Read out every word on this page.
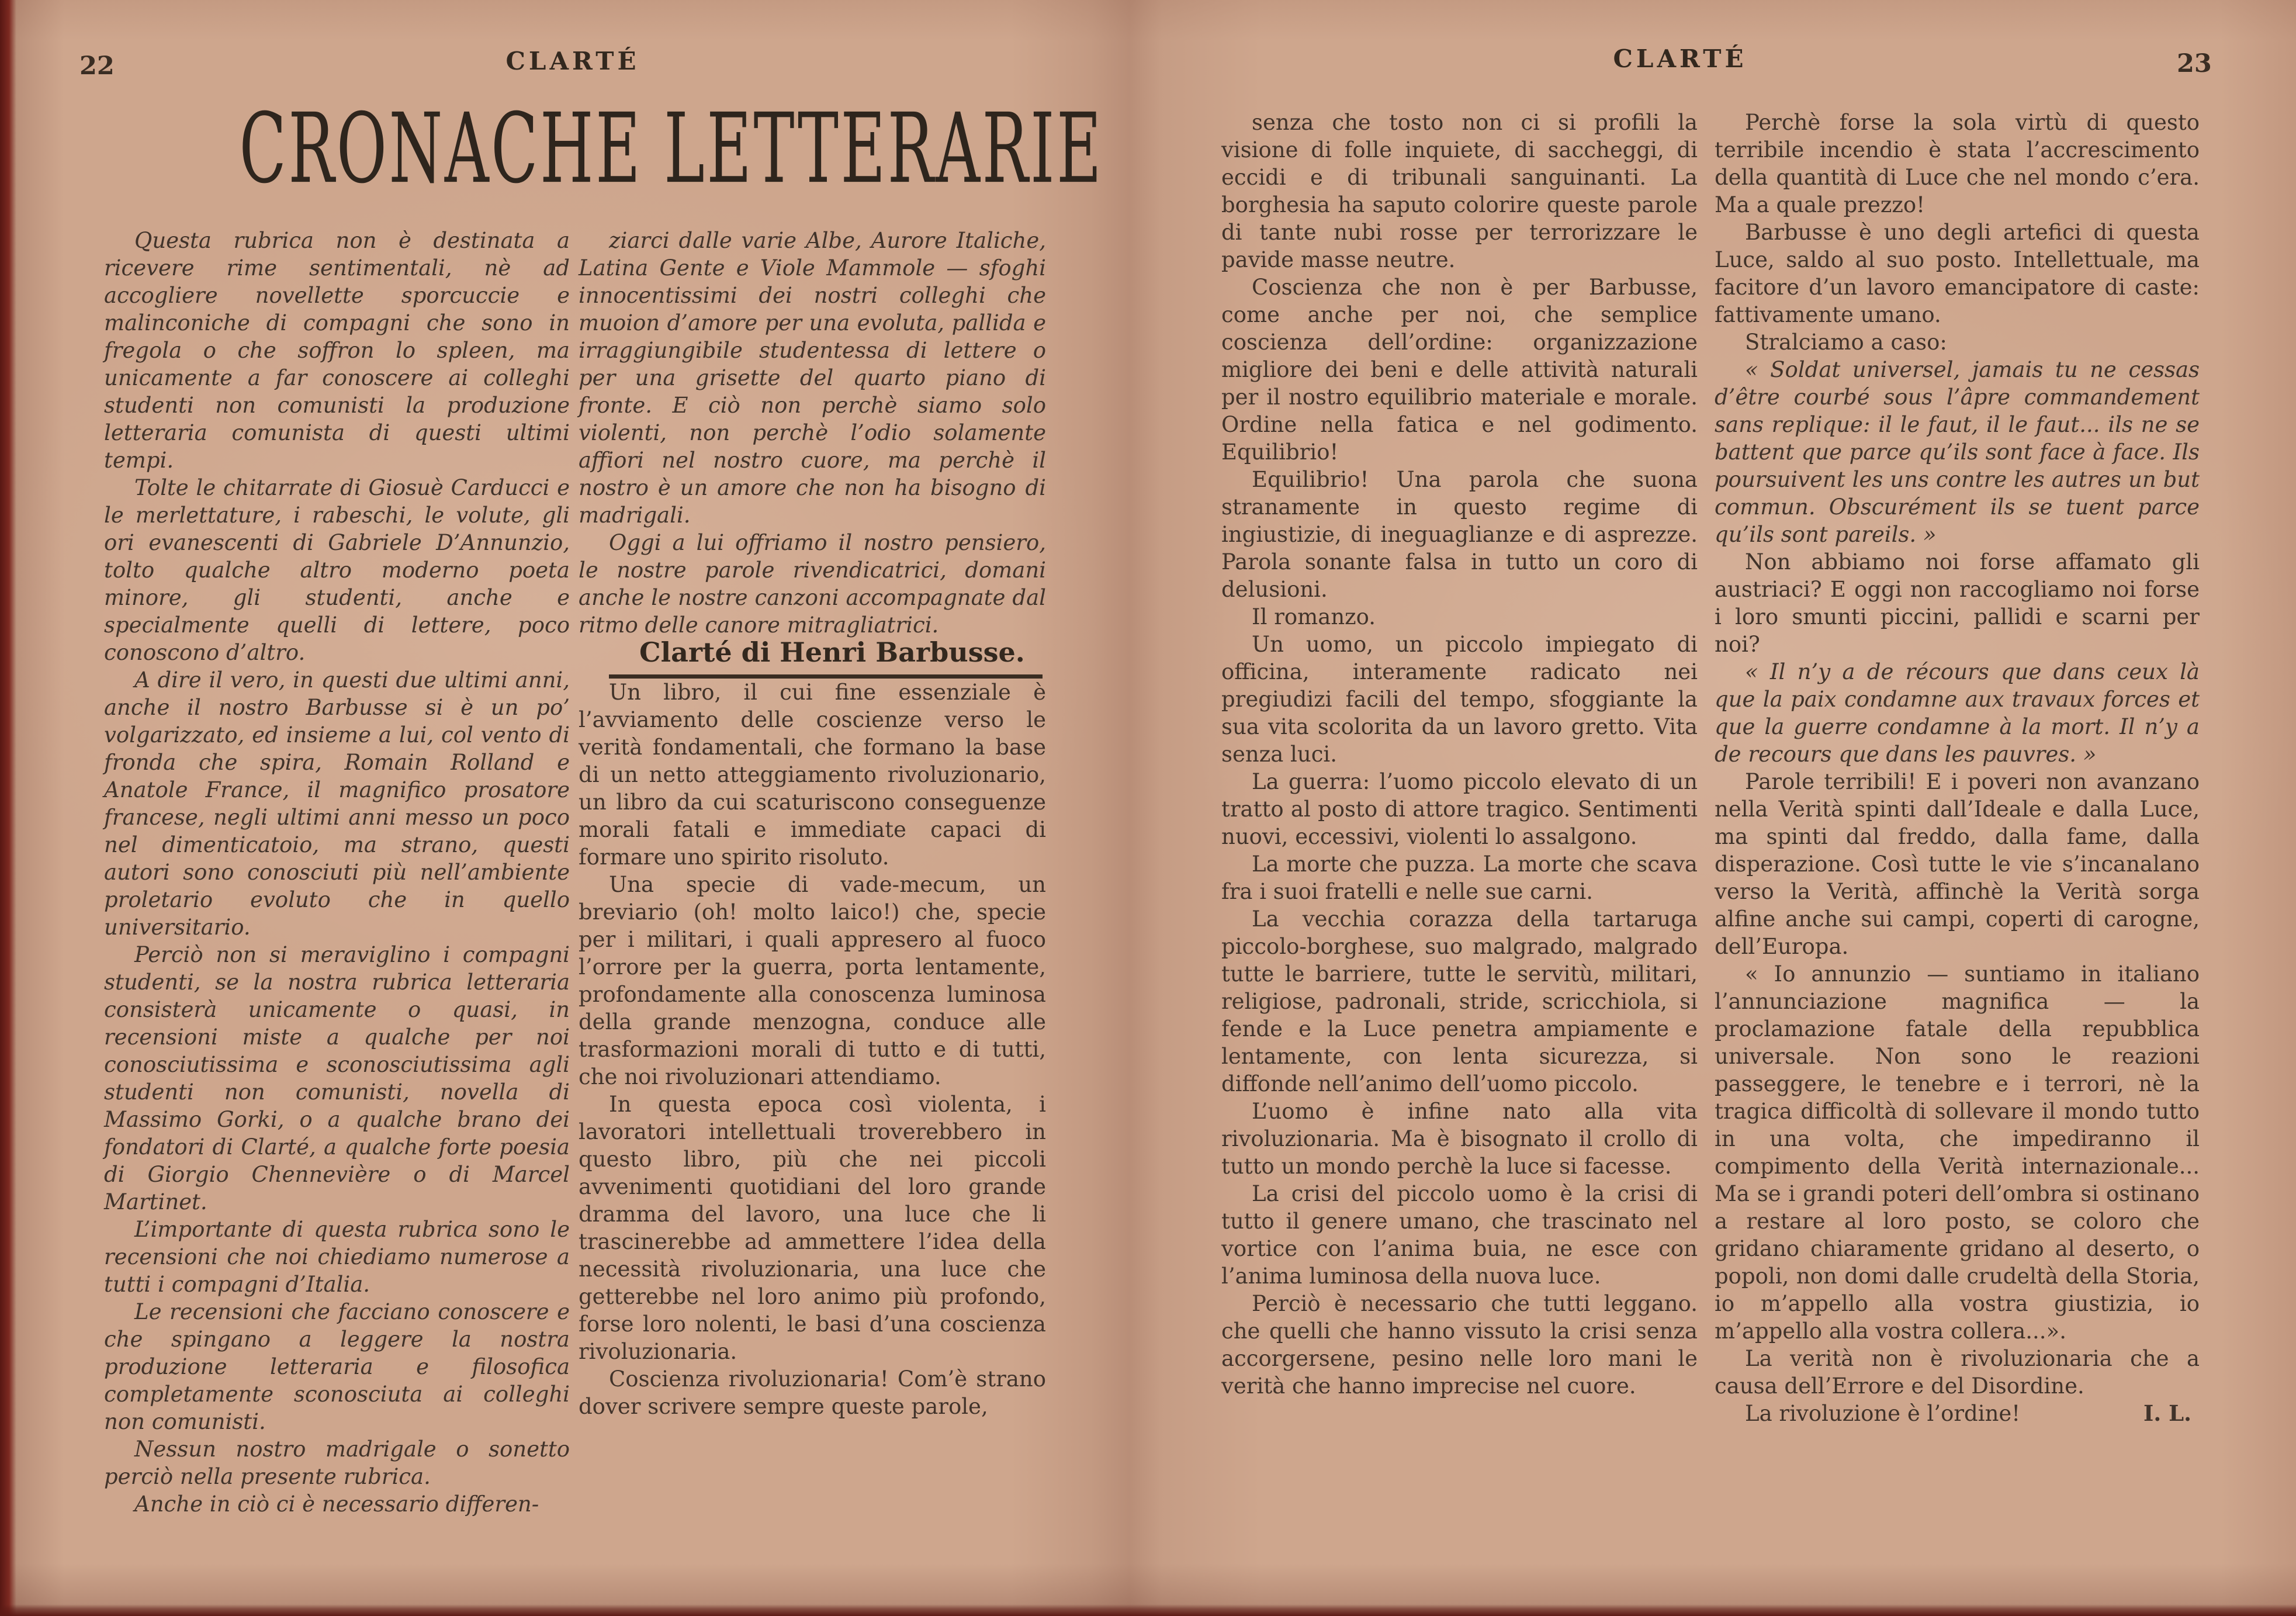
22	CLARTÉ
CRONACHE LETTERARIE

Questa rubrica non è destinata a ricevere rime sentimentali, nè ad accogliere novellette sporcuccie e malinconiche di compagni che sono in fregola o che soffron lo spleen, ma unicamente a far conoscere ai colleghi studenti non comunisti la produzione letteraria comunista di questi ultimi tempi.

Tolte le chitarrate di Giosuè Carducci e le merlettature, i rabeschi, le volute, gli ori evanescenti di Gabriele D’Annunzio, tolto qualche altro moderno poeta minore, gli studenti, anche e specialmente quelli di lettere, poco conoscono d’altro.

A dire il vero, in questi due ultimi anni, anche il nostro Barbusse si è un po’ volgarizzato, ed insieme a lui, col vento di fronda che spira, Romain Rolland e Anatole France, il magnifico prosatore francese, negli ultimi anni messo un poco nel dimenticatoio, ma strano, questi autori sono conosciuti più nell’ambiente proletario evoluto che in quello universitario.

Perciò non si meraviglino i compagni studenti, se la nostra rubrica letteraria consisterà unicamente o quasi, in recensioni miste a qualche per noi conosciutissima e sconosciutissima agli studenti non comunisti, novella di Massimo Gorki, o a qualche brano dei fondatori di Clarté, a qualche forte poesia di Giorgio Chennevière o di Marcel Martinet.

L’importante di questa rubrica sono le recensioni che noi chiediamo numerose a tutti i compagni d’Italia.

Le recensioni che facciano conoscere e che spingano a leggere la nostra produzione letteraria e filosofica completamente sconosciuta ai colleghi non comunisti.

Nessun nostro madrigale o sonetto perciò nella presente rubrica.

Anche in ciò ci è necessario differen-

ziarci dalle varie Albe, Aurore Italiche, Latina Gente e Viole Mammole — sfoghi innocentissimi dei nostri colleghi che muoion d’amore per una evoluta, pallida e irraggiungibile studentessa di lettere o per una grisette del quarto piano di fronte. E ciò non perchè siamo solo violenti, non perchè l’odio solamente affiori nel nostro cuore, ma perchè il nostro è un amore che non ha bisogno di madrigali.

Oggi a lui offriamo il nostro pensiero, le nostre parole rivendicatrici, domani anche le nostre canzoni accompagnate dal ritmo delle canore mitragliatrici.

Clarté di Henri Barbusse.

Un libro, il cui fine essenziale è l’avviamento delle coscienze verso le verità fondamentali, che formano la base di un netto atteggiamento rivoluzionario, un libro da cui scaturiscono conseguenze morali fatali e immediate capaci di formare uno spirito risoluto.

Una specie di vade-mecum, un breviario (oh! molto laico!) che, specie per i militari, i quali appresero al fuoco l’orrore per la guerra, porta lentamente, profondamente alla conoscenza luminosa della grande menzogna, conduce alle trasformazioni morali di tutto e di tutti, che noi rivoluzionari attendiamo.

In questa epoca così violenta, i lavoratori intellettuali troverebbero in questo libro, più che nei piccoli avvenimenti quotidiani del loro grande dramma del lavoro, una luce che li trascinerebbe ad ammettere l’idea della necessità rivoluzionaria, una luce che getterebbe nel loro animo più profondo, forse loro nolenti, le basi d’una coscienza rivoluzionaria.

Coscienza rivoluzionaria! Com’è strano dover scrivere sempre queste parole,

CLARTÉ	23

senza che tosto non ci si profili la visione di folle inquiete, di saccheggi, di eccidi e di tribunali sanguinanti. La borghesia ha saputo colorire queste parole di tante nubi rosse per terrorizzare le pavide masse neutre.

Coscienza che non è per Barbusse, come anche per noi, che semplice coscienza dell’ordine: organizzazione migliore dei beni e delle attività naturali per il nostro equilibrio materiale e morale. Ordine nella fatica e nel godimento. Equilibrio!

Equilibrio! Una parola che suona stranamente in questo regime di ingiustizie, di ineguaglianze e di asprezze. Parola sonante falsa in tutto un coro di delusioni.

Il romanzo.

Un uomo, un piccolo impiegato di officina, interamente radicato nei pregiudizi facili del tempo, sfoggiante la sua vita scolorita da un lavoro gretto. Vita senza luci.

La guerra: l’uomo piccolo elevato di un tratto al posto di attore tragico. Sentimenti nuovi, eccessivi, violenti lo assalgono.

La morte che puzza. La morte che scava fra i suoi fratelli e nelle sue carni.

La vecchia corazza della tartaruga piccolo-borghese, suo malgrado, malgrado tutte le barriere, tutte le servitù, militari, religiose, padronali, stride, scricchiola, si fende e la Luce penetra ampiamente e lentamente, con lenta sicurezza, si diffonde nell’animo dell’uomo piccolo.

L’uomo è infine nato alla vita rivoluzionaria. Ma è bisognato il crollo di tutto un mondo perchè la luce si facesse.

La crisi del piccolo uomo è la crisi di tutto il genere umano, che trascinato nel vortice con l’anima buia, ne esce con l’anima luminosa della nuova luce.

Perciò è necessario che tutti leggano. che quelli che hanno vissuto la crisi senza accorgersene, pesino nelle loro mani le verità che hanno imprecise nel cuore.

Perchè forse la sola virtù di questo terribile incendio è stata l’accrescimento della quantità di Luce che nel mondo c’era. Ma a quale prezzo!

Barbusse è uno degli artefici di questa Luce, saldo al suo posto. Intellettuale, ma facitore d’un lavoro emancipatore di caste: fattivamente umano.

Stralciamo a caso:

« Soldat universel, jamais tu ne cessas d’être courbé sous l’âpre commandement sans replique: il le faut, il le faut... ils ne se battent que parce qu’ils sont face à face. Ils poursuivent les uns contre les autres un but commun. Obscurément ils se tuent parce qu’ils sont pareils. »

Non abbiamo noi forse affamato gli austriaci? E oggi non raccogliamo noi forse i loro smunti piccini, pallidi e scarni per noi?

« Il n’y a de récours que dans ceux là que la paix condamne aux travaux forces et que la guerre condamne à la mort. Il n’y a de recours que dans les pauvres. »

Parole terribili! E i poveri non avanzano nella Verità spinti dall’Ideale e dalla Luce, ma spinti dal freddo, dalla fame, dalla disperazione. Così tutte le vie s’incanalano verso la Verità, affinchè la Verità sorga alfine anche sui campi, coperti di carogne, dell’Europa.

« Io annunzio — suntiamo in italiano l’annunciazione magnifica — la proclamazione fatale della repubblica universale. Non sono le reazioni passeggere, le tenebre e i terrori, nè la tragica difficoltà di sollevare il mondo tutto in una volta, che impediranno il compimento della Verità internazionale... Ma se i grandi poteri dell’ombra si ostinano a restare al loro posto, se coloro che gridano chiaramente gridano al deserto, o popoli, non domi dalle crudeltà della Storia, io m’appello alla vostra giustizia, io m’appello alla vostra collera...».

La verità non è rivoluzionaria che a causa dell’Errore e del Disordine.

La rivoluzione è l’ordine!	I. L.
